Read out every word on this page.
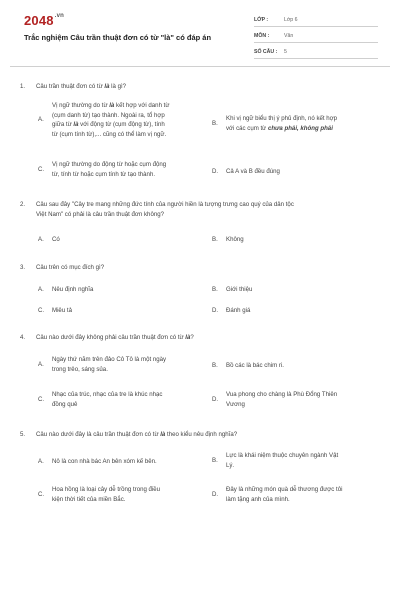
$2048^{.vn}$
Trắc nghiệm Câu trần thuật đơn có từ "là" có đáp án
LỚP :	Lớp 6
MÔN :	Văn
SỐ CÂU : 5
1. Câu trần thuật đơn có từ là là gì?
A.
Vị ngữ thường do từ là kết hợp với danh từ
(cụm danh từ) tạo thành. Ngoài ra, tổ hợp
giữa từ là với động từ (cụm động từ), tính
từ (cụm tính từ),... cũng có thể làm vị ngữ.
B.
Khi vị ngữ biểu thị ý phủ định, nó kết hợp
với các cụm từ chưa phải, không phải
C.
Vị ngữ thường do động từ hoặc cụm động
từ, tính từ hoặc cụm tính từ tạo thành.	D. Cả A và B đều đúng
2. Câu sau đây "Cây tre mang những đức tính của người hiền là tượng trưng cao quý của dân tộc
Việt Nam" có phải là câu trần thuật đơn không?
A. Có	B. Không
3. Câu trên có mục đích gì?
A. Nêu định nghĩa	B. Giới thiệu
C. Miêu tả	D. Đánh giá
4. Câu nào dưới đây không phải câu trần thuật đơn có từ là?
A.
Ngày thứ năm trên đảo Cô Tô là một ngày
trong trẻo, sáng sủa.	B. Bồ các là bác chim ri.
C.
Nhạc của trúc, nhạc của tre là khúc nhạc
đồng quê
D.
Vua phong cho chàng là Phù Đổng Thiên
Vương
5. Câu nào dưới đây là câu trần thuật đơn có từ là theo kiểu nêu định nghĩa?
A. Nô là con nhà bác An bên xóm kế bên.	B.
Lực là khái niệm thuộc chuyên ngành Vật
Lý.
C.
Hoa hồng là loại cây dễ trồng trong điều
kiện thời tiết của miền Bắc.
D.
Đây là những món quà dễ thương được tôi
làm tặng anh của mình.
